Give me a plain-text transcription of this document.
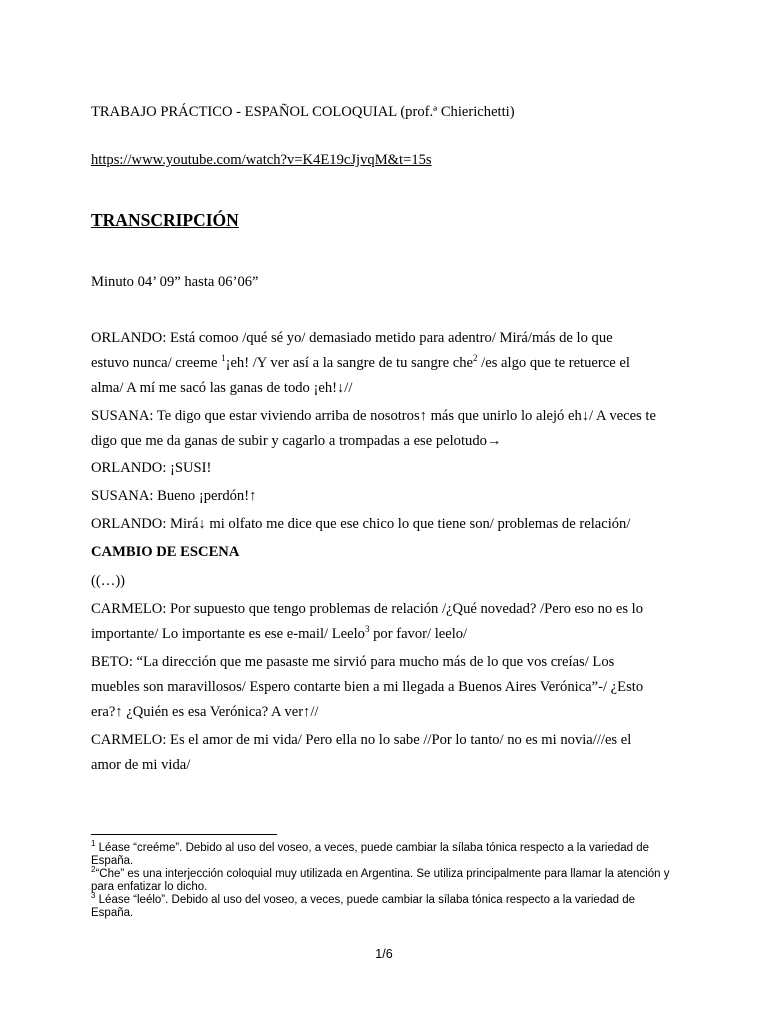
TRABAJO PRÁCTICO - ESPAÑOL COLOQUIAL (prof.ª Chierichetti)
https://www.youtube.com/watch?v=K4E19cJjvqM&t=15s
TRANSCRIPCIÓN
Minuto 04’ 09” hasta 06’06”
ORLANDO: Está comoo /qué sé yo/ demasiado metido para adentro/ Mirá/más de lo que
estuvo nunca/ creeme $^1$¡eh! /Y ver así a la sangre de tu sangre che$^2$ /es algo que te retuerce el
alma/ A mí me sacó las ganas de todo ¡eh!↓//
SUSANA: Te digo que estar viviendo arriba de nosotros↑ más que unirlo lo alejó eh↓/ A veces te
digo que me da ganas de subir y cagarlo a trompadas a ese pelotudo→
ORLANDO: ¡SUSI!
SUSANA: Bueno ¡perdón!↑
ORLANDO: Mirá↓ mi olfato me dice que ese chico lo que tiene son/ problemas de relación/
CAMBIO DE ESCENA
((…))
CARMELO: Por supuesto que tengo problemas de relación /¿Qué novedad? /Pero eso no es lo
importante/ Lo importante es ese e-mail/ Leelo$^3$ por favor/ leelo/
BETO: “La dirección que me pasaste me sirvió para mucho más de lo que vos creías/ Los
muebles son maravillosos/ Espero contarte bien a mi llegada a Buenos Aires Verónica”-/ ¿Esto
era?↑ ¿Quién es esa Verónica? A ver↑//
CARMELO: Es el amor de mi vida/ Pero ella no lo sabe //Por lo tanto/ no es mi novia///es el
amor de mi vida/
$^1$ Léase “creéme”. Debido al uso del voseo, a veces, puede cambiar la sílaba tónica respecto a la variedad de
España.
$^2$“Che” es una interjección coloquial muy utilizada en Argentina. Se utiliza principalmente para llamar la atención y
para enfatizar lo dicho.
$^3$ Léase “leélo”. Debido al uso del voseo, a veces, puede cambiar la sílaba tónica respecto a la variedad de
España.
1/6
